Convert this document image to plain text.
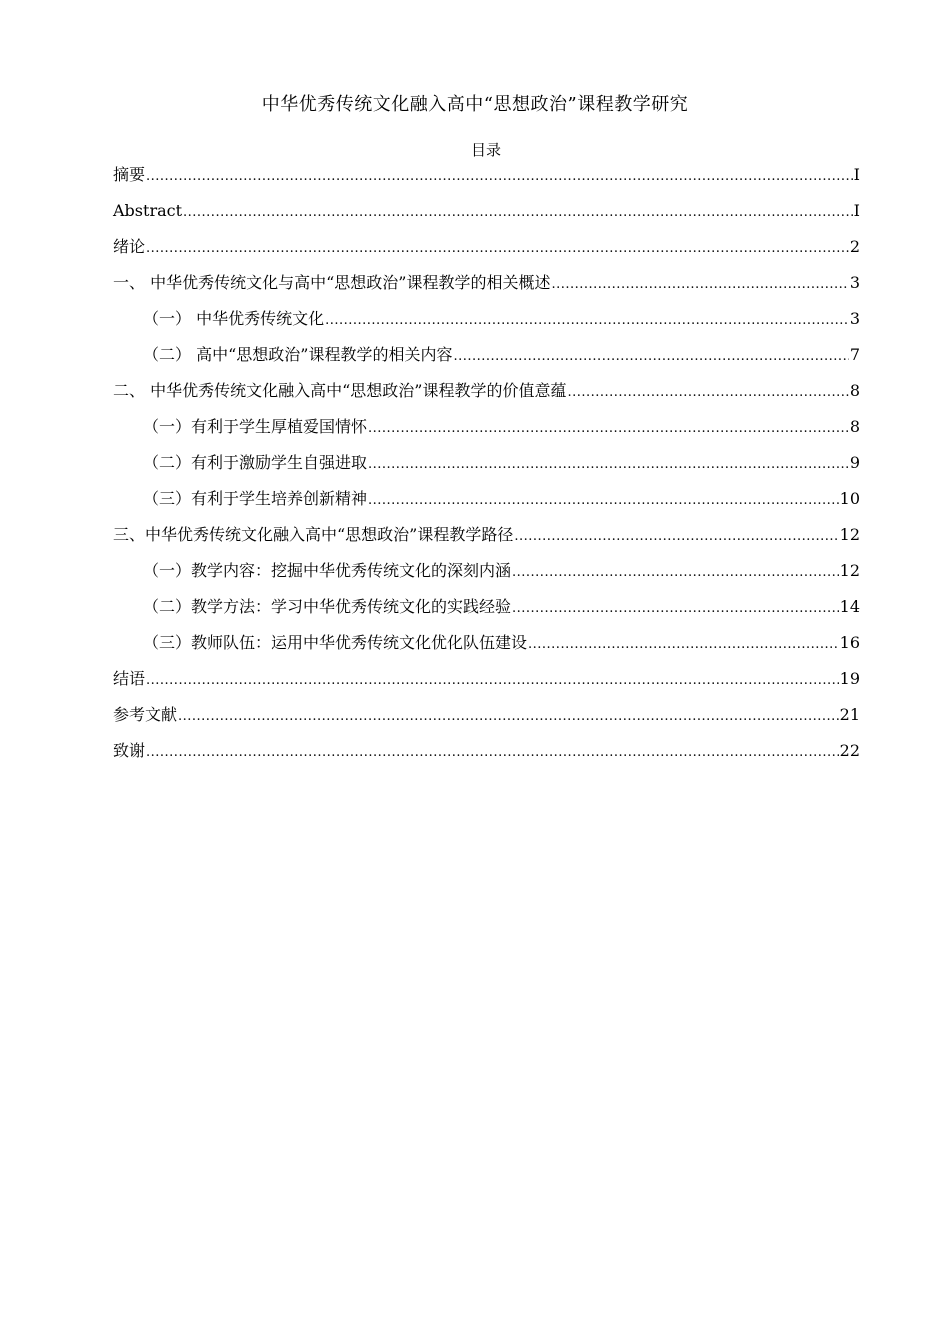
中华优秀传统文化融入高中“思想政治”课程教学研究
目录
摘要 .....	I
Abstract .....	I
绪论 .....	2
一、 中华优秀传统文化与高中“思想政治”课程教学的相关概述 .....	3
（一） 中华优秀传统文化 .....	3
（二） 高中“思想政治”课程教学的相关内容 .....	7
二、 中华优秀传统文化融入高中“思想政治”课程教学的价值意蕴 .....	8
（一）有利于学生厚植爱国情怀 .....	8
（二）有利于激励学生自强进取 .....	9
（三）有利于学生培养创新精神 .....	10
三、中华优秀传统文化融入高中“思想政治”课程教学路径 .....	12
（一）教学内容：挖掘中华优秀传统文化的深刻内涵 .....	12
（二）教学方法：学习中华优秀传统文化的实践经验 .....	14
（三）教师队伍：运用中华优秀传统文化优化队伍建设 .....	16
结语 .....	19
参考文献 .....	21
致谢 .....	22
